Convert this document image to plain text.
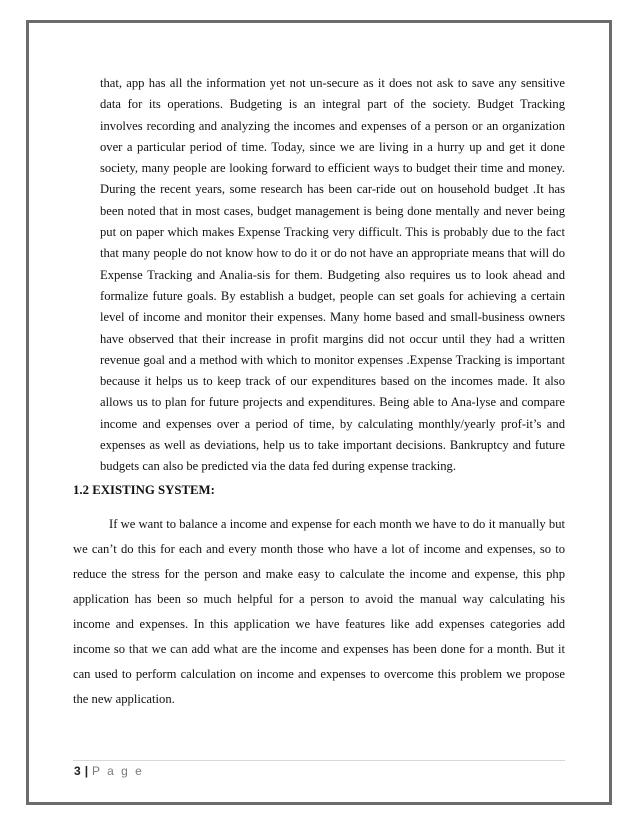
that, app has all the information yet not un-secure as it does not ask to save any sensitive data for its operations. Budgeting is an integral part of the society. Budget Tracking involves recording and analyzing the incomes and expenses of a person or an organization over a particular period of time. Today, since we are living in a hurry up and get it done society, many people are looking forward to efficient ways to budget their time and money. During the recent years, some research has been car-ride out on household budget .It has been noted that in most cases, budget management is being done mentally and never being put on paper which makes Expense Tracking very difficult. This is probably due to the fact that many people do not know how to do it or do not have an appropriate means that will do Expense Tracking and Analia-sis for them. Budgeting also requires us to look ahead and formalize future goals. By establish a budget, people can set goals for achieving a certain level of income and monitor their expenses. Many home based and small-business owners have observed that their increase in profit margins did not occur until they had a written revenue goal and a method with which to monitor expenses .Expense Tracking is important because it helps us to keep track of our expenditures based on the incomes made. It also allows us to plan for future projects and expenditures. Being able to Ana-lyse and compare income and expenses over a period of time, by calculating monthly/yearly prof-it’s and expenses as well as deviations, help us to take important decisions. Bankruptcy and future budgets can also be predicted via the data fed during expense tracking.

1.2 EXISTING SYSTEM:

If we want to balance a income and expense for each month we have to do it manually but we can’t do this for each and every month those who have a lot of income and expenses, so to reduce the stress for the person and make easy to calculate the income and expense, this php application has been so much helpful for a person to avoid the manual way calculating his income and expenses. In this application we have features like add expenses categories add income so that we can add what are the income and expenses has been done for a month. But it can used to perform calculation on income and expenses to overcome this problem we propose the new application.

3 | P a g e
